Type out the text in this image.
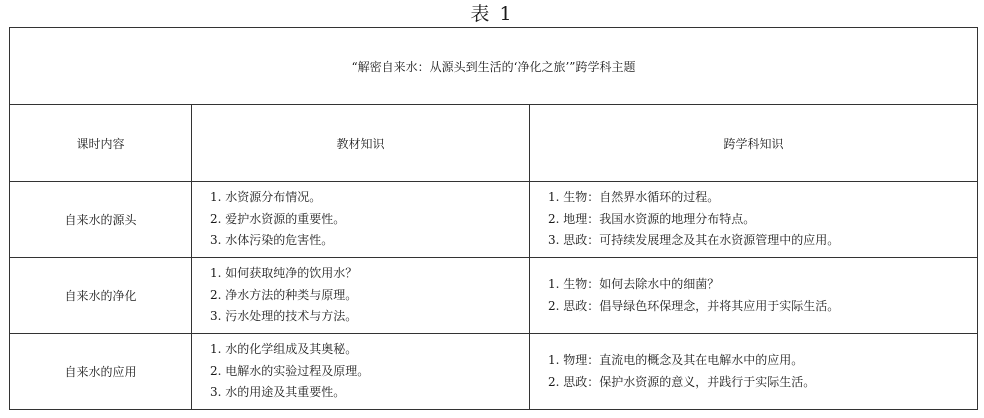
表 1
“解密自来水：从源头到生活的‘净化之旅’”跨学科主题		
课时内容	教材知识	跨学科知识
自来水的源头	1. 水资源分布情况。
2. 爱护水资源的重要性。
3. 水体污染的危害性。	1. 生物：自然界水循环的过程。
2. 地理：我国水资源的地理分布特点。
3. 思政：可持续发展理念及其在水资源管理中的应用。

自来水的净化	1. 如何获取纯净的饮用水？
2. 净水方法的种类与原理。
3. 污水处理的技术与方法。	1. 生物：如何去除水中的细菌？
2. 思政：倡导绿色环保理念，并将其应用于实际生活。

自来水的应用	1. 水的化学组成及其奥秘。
2. 电解水的实验过程及原理。
3. 水的用途及其重要性。	1. 物理：直流电的概念及其在电解水中的应用。
2. 思政：保护水资源的意义，并践行于实际生活。
